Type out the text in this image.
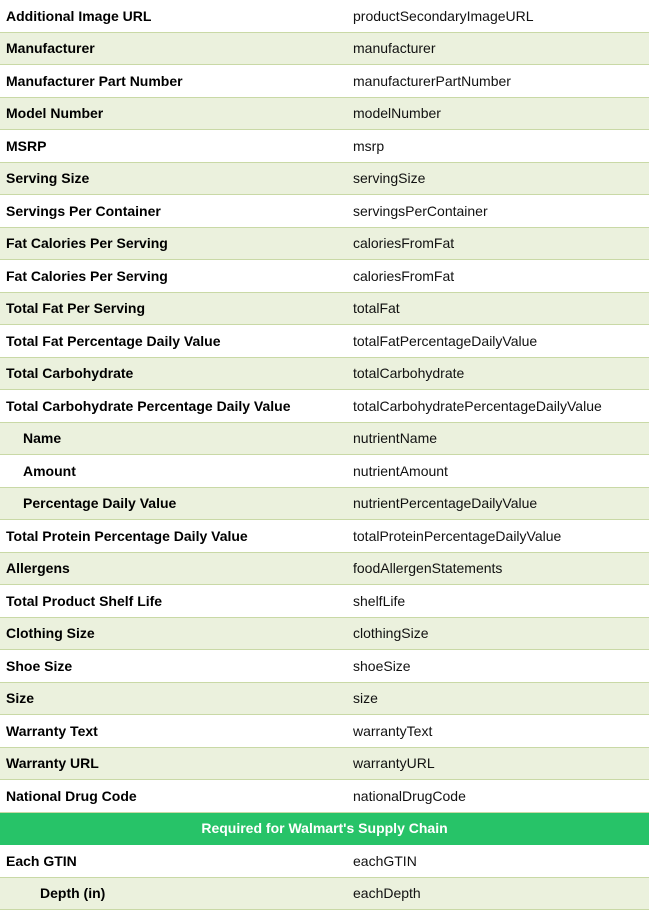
Additional Image URL	productSecondaryImageURL
Manufacturer	manufacturer
Manufacturer Part Number	manufacturerPartNumber
Model Number	modelNumber
MSRP	msrp
Serving Size	servingSize
Servings Per Container	servingsPerContainer
Fat Calories Per Serving	caloriesFromFat
Fat Calories Per Serving	caloriesFromFat
Total Fat Per Serving	totalFat
Total Fat Percentage Daily Value	totalFatPercentageDailyValue
Total Carbohydrate	totalCarbohydrate
Total Carbohydrate Percentage Daily Value	totalCarbohydratePercentageDailyValue
Name	nutrientName
Amount	nutrientAmount
Percentage Daily Value	nutrientPercentageDailyValue
Total Protein Percentage Daily Value	totalProteinPercentageDailyValue
Allergens	foodAllergenStatements
Total Product Shelf Life	shelfLife
Clothing Size	clothingSize
Shoe Size	shoeSize
Size	size
Warranty Text	warrantyText
Warranty URL	warrantyURL
National Drug Code	nationalDrugCode
Required for Walmart's Supply Chain	
Each GTIN	eachGTIN
Depth (in)	eachDepth
